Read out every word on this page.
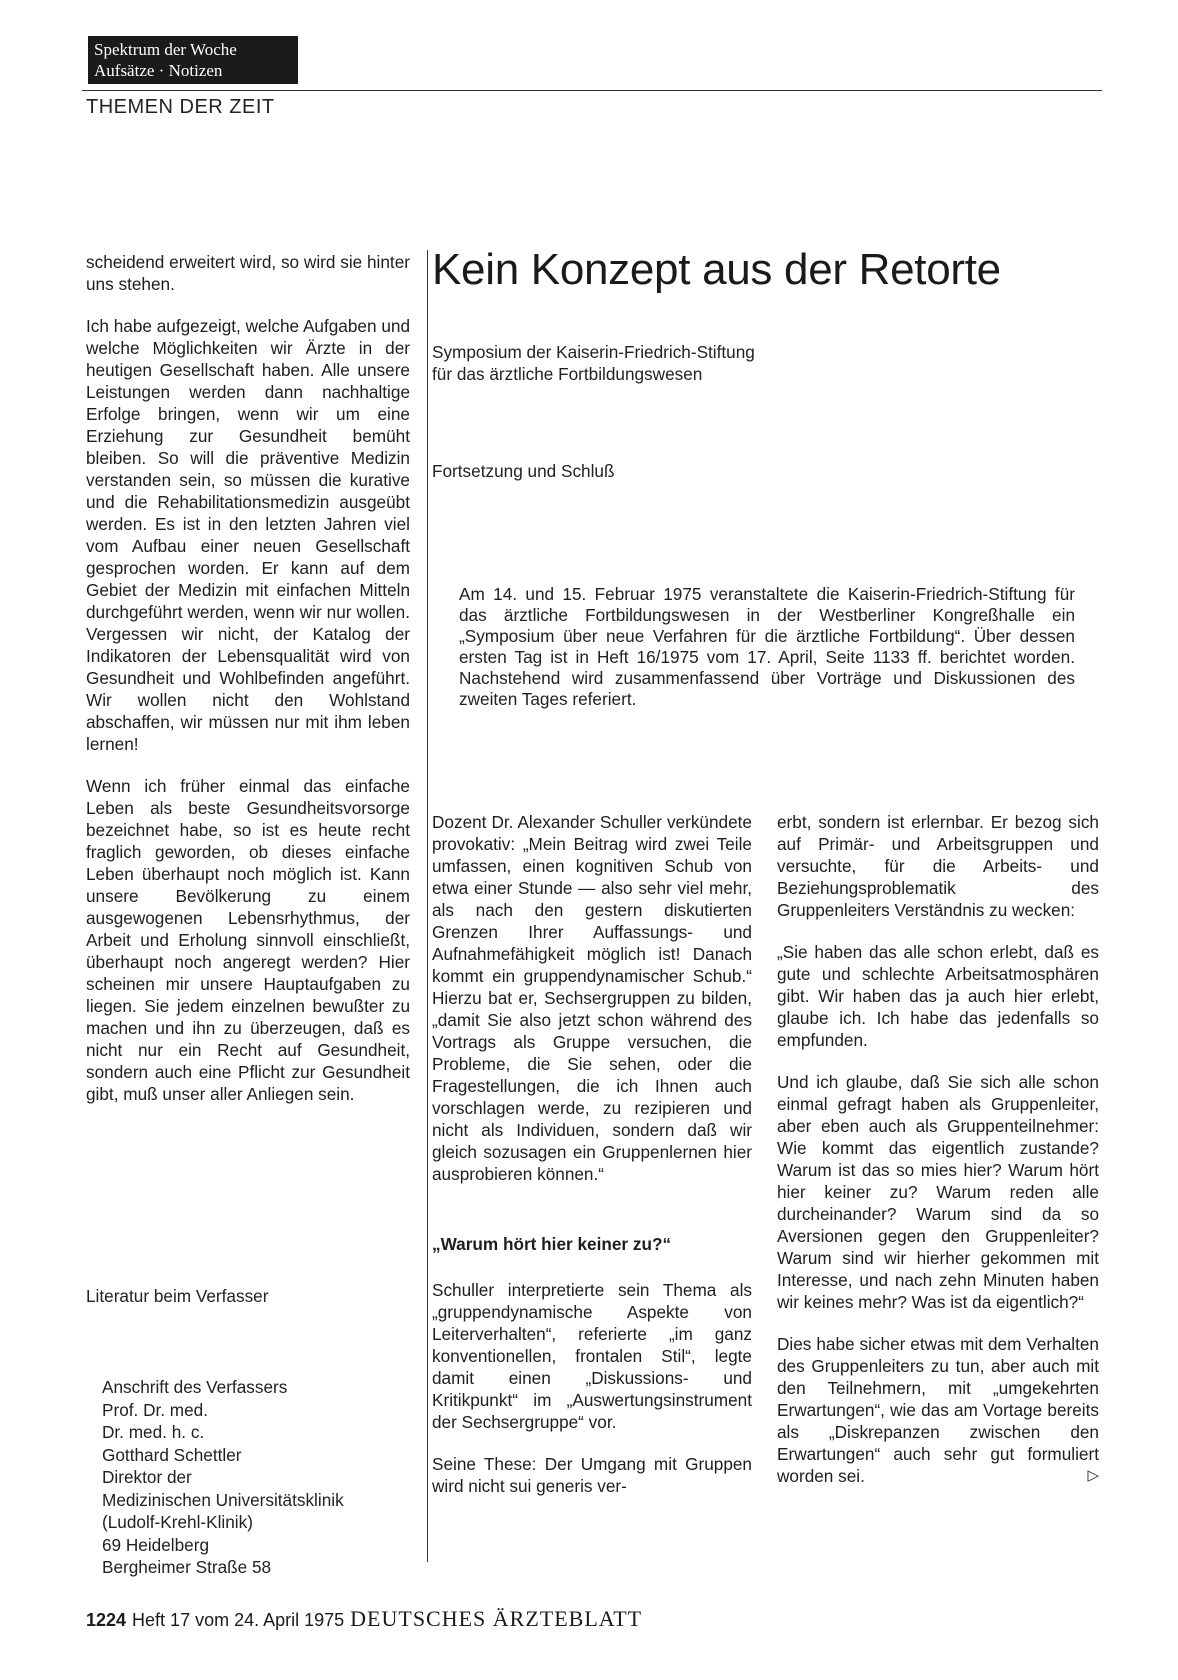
Spektrum der Woche
Aufsätze · Notizen
THEMEN DER ZEIT

scheidend erweitert wird, so wird sie hinter uns stehen.

Ich habe aufgezeigt, welche Aufgaben und welche Möglichkeiten wir Ärzte in der heutigen Gesellschaft haben. Alle unsere Leistungen werden dann nachhaltige Erfolge bringen, wenn wir um eine Erziehung zur Gesundheit bemüht bleiben. So will die präventive Medizin verstanden sein, so müssen die kurative und die Rehabilitationsmedizin ausgeübt werden. Es ist in den letzten Jahren viel vom Aufbau einer neuen Gesellschaft gesprochen worden. Er kann auf dem Gebiet der Medizin mit einfachen Mitteln durchgeführt werden, wenn wir nur wollen. Vergessen wir nicht, der Katalog der Indikatoren der Lebensqualität wird von Gesundheit und Wohlbefinden angeführt. Wir wollen nicht den Wohlstand abschaffen, wir müssen nur mit ihm leben lernen!

Wenn ich früher einmal das einfache Leben als beste Gesundheitsvorsorge bezeichnet habe, so ist es heute recht fraglich geworden, ob dieses einfache Leben überhaupt noch möglich ist. Kann unsere Bevölkerung zu einem ausgewogenen Lebensrhythmus, der Arbeit und Erholung sinnvoll einschließt, überhaupt noch angeregt werden? Hier scheinen mir unsere Hauptaufgaben zu liegen. Sie jedem einzelnen bewußter zu machen und ihn zu überzeugen, daß es nicht nur ein Recht auf Gesundheit, sondern auch eine Pflicht zur Gesundheit gibt, muß unser aller Anliegen sein.

Literatur beim Verfasser
Anschrift des Verfassers
Prof. Dr. med.
Dr. med. h. c.
Gotthard Schettler
Direktor der
Medizinischen Universitätsklinik
(Ludolf-Krehl-Klinik)
69 Heidelberg
Bergheimer Straße 58
Kein Konzept aus der Retorte
Symposium der Kaiserin-Friedrich-Stiftung
für das ärztliche Fortbildungswesen
Fortsetzung und Schluß
Am 14. und 15. Februar 1975 veranstaltete die Kaiserin-Friedrich-Stiftung für das ärztliche Fortbildungswesen in der Westberliner Kongreßhalle ein „Symposium über neue Verfahren für die ärztliche Fortbildung“. Über dessen ersten Tag ist in Heft 16/1975 vom 17. April, Seite 1133 ff. berichtet worden. Nachstehend wird zusammenfassend über Vorträge und Diskussionen des zweiten Tages referiert.

Dozent Dr. Alexander Schuller verkündete provokativ: „Mein Beitrag wird zwei Teile umfassen, einen kognitiven Schub von etwa einer Stunde — also sehr viel mehr, als nach den gestern diskutierten Grenzen Ihrer Auffassungs- und Aufnahmefähigkeit möglich ist! Danach kommt ein gruppendynamischer Schub.“ Hierzu bat er, Sechsergruppen zu bilden, „damit Sie also jetzt schon während des Vortrags als Gruppe versuchen, die Probleme, die Sie sehen, oder die Fragestellungen, die ich Ihnen auch vorschlagen werde, zu rezipieren und nicht als Individuen, sondern daß wir gleich sozusagen ein Gruppenlernen hier ausprobieren können.“

„Warum hört hier keiner zu?“

Schuller interpretierte sein Thema als „gruppendynamische Aspekte von Leiterverhalten“, referierte „im ganz konventionellen, frontalen Stil“, legte damit einen „Diskussions- und Kritikpunkt“ im „Auswertungsinstrument der Sechsergruppe“ vor.

Seine These: Der Umgang mit Gruppen wird nicht sui generis ver-

erbt, sondern ist erlernbar. Er bezog sich auf Primär- und Arbeitsgruppen und versuchte, für die Arbeits- und Beziehungsproblematik des Gruppenleiters Verständnis zu wecken:

„Sie haben das alle schon erlebt, daß es gute und schlechte Arbeitsatmosphären gibt. Wir haben das ja auch hier erlebt, glaube ich. Ich habe das jedenfalls so empfunden.

Und ich glaube, daß Sie sich alle schon einmal gefragt haben als Gruppenleiter, aber eben auch als Gruppenteilnehmer: Wie kommt das eigentlich zustande? Warum ist das so mies hier? Warum hört hier keiner zu? Warum reden alle durcheinander? Warum sind da so Aversionen gegen den Gruppenleiter? Warum sind wir hierher gekommen mit Interesse, und nach zehn Minuten haben wir keines mehr? Was ist da eigentlich?“

Dies habe sicher etwas mit dem Verhalten des Gruppenleiters zu tun, aber auch mit den Teilnehmern, mit „umgekehrten Erwartungen“, wie das am Vortage bereits als „Diskrepanzen zwischen den Erwartungen“ auch sehr gut formuliert worden sei.	▷

1224 Heft 17 vom 24. April 1975 DEUTSCHES ÄRZTEBLATT
